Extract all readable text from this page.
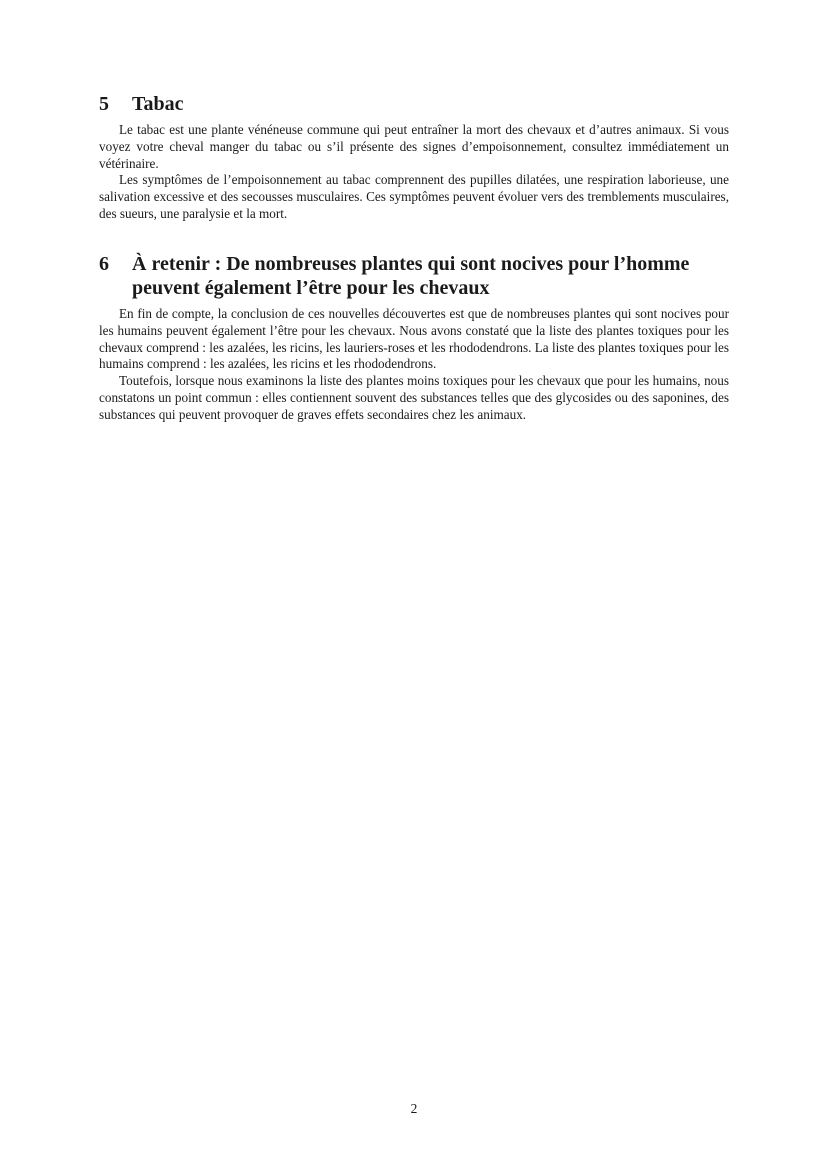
5	Tabac

Le tabac est une plante vénéneuse commune qui peut entraîner la mort des chevaux et d’autres animaux. Si vous voyez votre cheval manger du tabac ou s’il présente des signes d’empoisonnement, consultez immédiatement un vétérinaire.

Les symptômes de l’empoisonnement au tabac comprennent des pupilles dilatées, une respiration laborieuse, une salivation excessive et des secousses musculaires. Ces symptômes peuvent évoluer vers des tremblements musculaires, des sueurs, une paralysie et la mort.

6	À retenir : De nombreuses plantes qui sont nocives pour l’homme peuvent également l’être pour les chevaux

En fin de compte, la conclusion de ces nouvelles découvertes est que de nombreuses plantes qui sont nocives pour les humains peuvent également l’être pour les chevaux. Nous avons constaté que la liste des plantes toxiques pour les chevaux comprend : les azalées, les ricins, les lauriers-roses et les rhododendrons. La liste des plantes toxiques pour les humains comprend : les azalées, les ricins et les rhododendrons.

Toutefois, lorsque nous examinons la liste des plantes moins toxiques pour les chevaux que pour les humains, nous constatons un point commun : elles contiennent souvent des substances telles que des glycosides ou des saponines, des substances qui peuvent provoquer de graves effets secondaires chez les animaux.

2
